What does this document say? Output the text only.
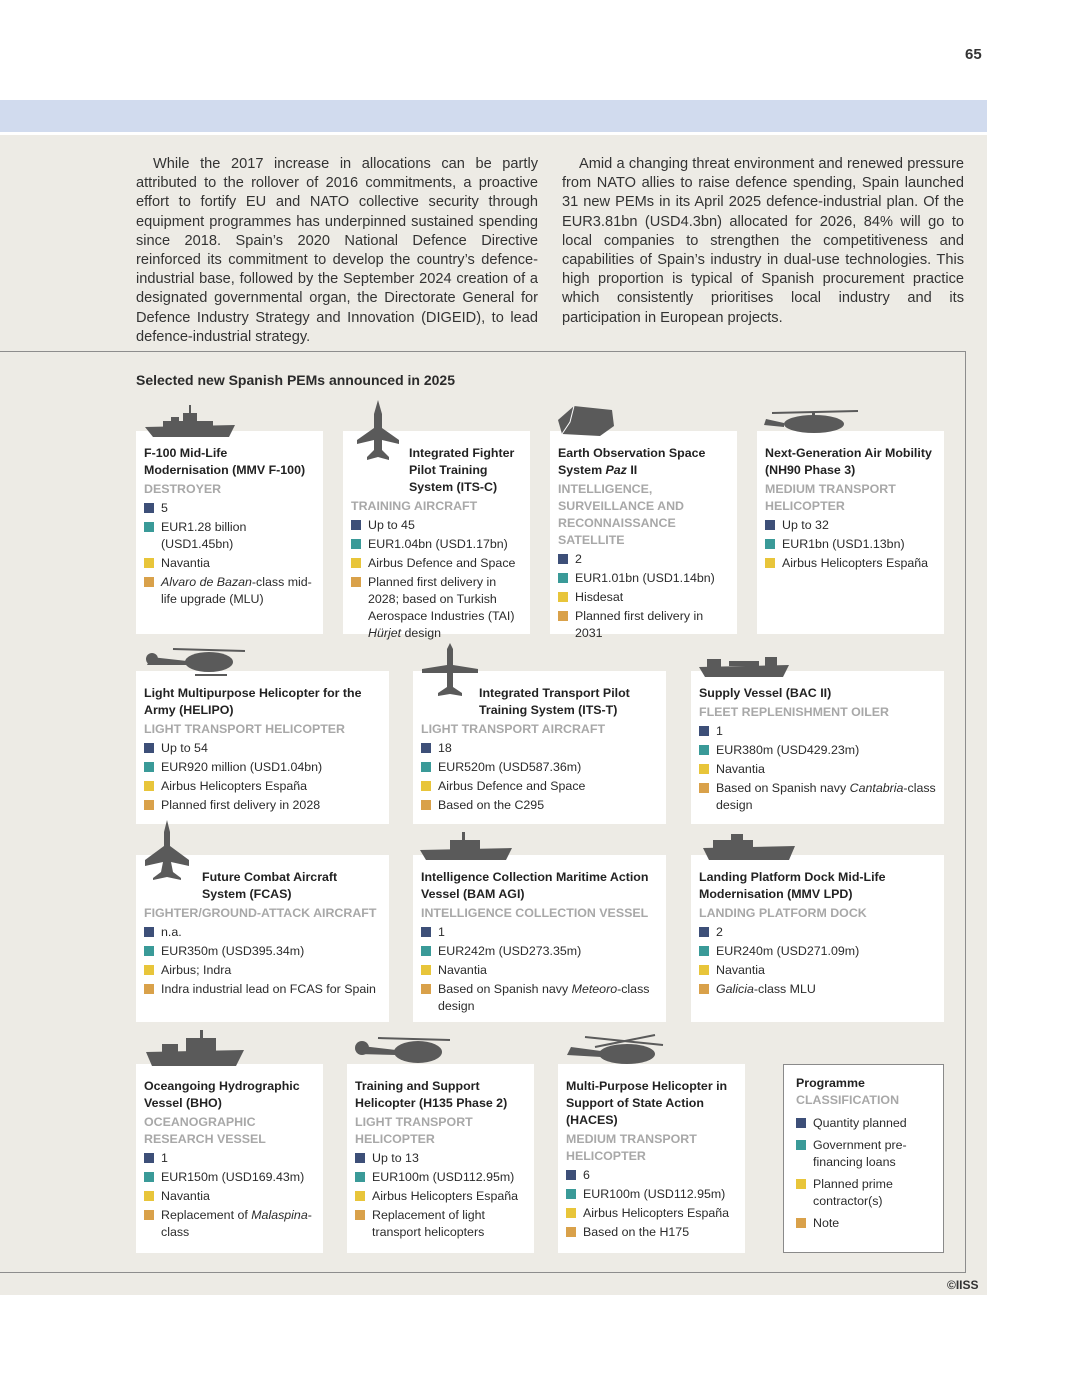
65

While the 2017 increase in allocations can be partly attributed to the rollover of 2016 commitments, a proactive effort to fortify EU and NATO collective security through equipment programmes has underpinned sustained spending since 2018. Spain’s 2020 National Defence Directive reinforced its commitment to develop the country’s defence-industrial base, followed by the September 2024 creation of a designated governmental organ, the Directorate General for Defence Industry Strategy and Innovation (DIGEID), to lead defence-industrial strategy.

Amid a changing threat environment and renewed pressure from NATO allies to raise defence spending, Spain launched 31 new PEMs in its April 2025 defence-industrial plan. Of the EUR3.81bn (USD4.3bn) allocated for 2026, 84% will go to local companies to strengthen the competitiveness and capabilities of Spain’s industry in dual-use technologies. This high proportion is typical of Spanish procurement practice which consistently prioritises local industry and its participation in European projects.

Selected new Spanish PEMs announced in 2025
F-100 Mid-Life Modernisation (MMV F-100)
DESTROYER
5
EUR1.28 billion (USD1.45bn)
Navantia
Alvaro de Bazan-class mid-life upgrade (MLU)
Integrated Fighter Pilot Training System (ITS-C)
TRAINING AIRCRAFT
Up to 45
EUR1.04bn (USD1.17bn)
Airbus Defence and Space
Planned first delivery in 2028; based on Turkish Aerospace Industries (TAI) Hürjet design
Earth Observation Space System Paz II
INTELLIGENCE, SURVEILLANCE AND RECONNAISSANCE SATELLITE
2
EUR1.01bn (USD1.14bn)
Hisdesat
Planned first delivery in 2031
Next-Generation Air Mobility (NH90 Phase 3)
MEDIUM TRANSPORT HELICOPTER
Up to 32
EUR1bn (USD1.13bn)
Airbus Helicopters España
Light Multipurpose Helicopter for the Army (HELIPO)
LIGHT TRANSPORT HELICOPTER
Up to 54
EUR920 million (USD1.04bn)
Airbus Helicopters España
Planned first delivery in 2028
Integrated Transport Pilot Training System (ITS-T)
LIGHT TRANSPORT AIRCRAFT
18
EUR520m (USD587.36m)
Airbus Defence and Space
Based on the C295
Supply Vessel (BAC II)
FLEET REPLENISHMENT OILER
1
EUR380m (USD429.23m)
Navantia
Based on Spanish navy Cantabria-class design
Future Combat Aircraft System (FCAS)
FIGHTER/GROUND-ATTACK AIRCRAFT
n.a.
EUR350m (USD395.34m)
Airbus; Indra
Indra industrial lead on FCAS for Spain
Intelligence Collection Maritime Action Vessel (BAM AGI)
INTELLIGENCE COLLECTION VESSEL
1
EUR242m (USD273.35m)
Navantia
Based on Spanish navy Meteoro-class design
Landing Platform Dock Mid-Life Modernisation (MMV LPD)
LANDING PLATFORM DOCK
2
EUR240m (USD271.09m)
Navantia
Galicia-class MLU
Oceangoing Hydrographic Vessel (BHO)
OCEANOGRAPHIC RESEARCH VESSEL
1
EUR150m (USD169.43m)
Navantia
Replacement of Malaspina-class
Training and Support Helicopter (H135 Phase 2)
LIGHT TRANSPORT HELICOPTER
Up to 13
EUR100m (USD112.95m)
Airbus Helicopters España
Replacement of light transport helicopters
Multi-Purpose Helicopter in Support of State Action (HACES)
MEDIUM TRANSPORT HELICOPTER
6
EUR100m (USD112.95m)
Airbus Helicopters España
Based on the H175
Programme
CLASSIFICATION
Quantity planned
Government pre-financing loans
Planned prime contractor(s)
Note
©IISS
